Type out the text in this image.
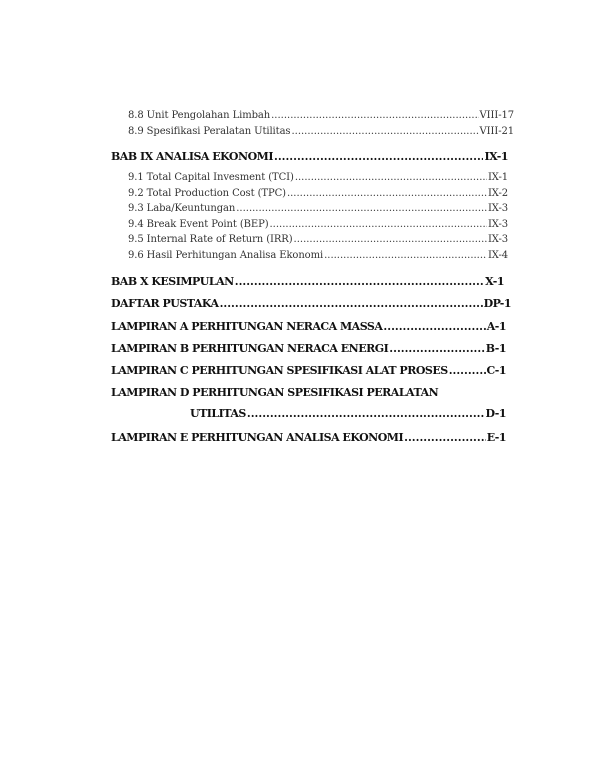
8.8 Unit Pengolahan Limbah .....	VIII-17
8.9 Spesifikasi Peralatan Utilitas .....	VIII-21
BAB IX ANALISA EKONOMI .....	IX-1
9.1 Total Capital Invesment (TCI) .....	IX-1
9.2 Total Production Cost (TPC) .....	IX-2
9.3 Laba/Keuntungan .....	IX-3
9.4 Break Event Point (BEP) .....	IX-3
9.5 Internal Rate of Return (IRR) .....	IX-3
9.6 Hasil Perhitungan Analisa Ekonomi .....	IX-4
BAB X KESIMPULAN .....	X-1
DAFTAR PUSTAKA .....	DP-1
LAMPIRAN A PERHITUNGAN NERACA MASSA .....	A-1
LAMPIRAN B PERHITUNGAN NERACA ENERGI .....	B-1
LAMPIRAN C PERHITUNGAN SPESIFIKASI ALAT PROSES .....	C-1
LAMPIRAN D PERHITUNGAN SPESIFIKASI PERALATAN
UTILITAS .....	D-1
LAMPIRAN E PERHITUNGAN ANALISA EKONOMI .....	E-1
